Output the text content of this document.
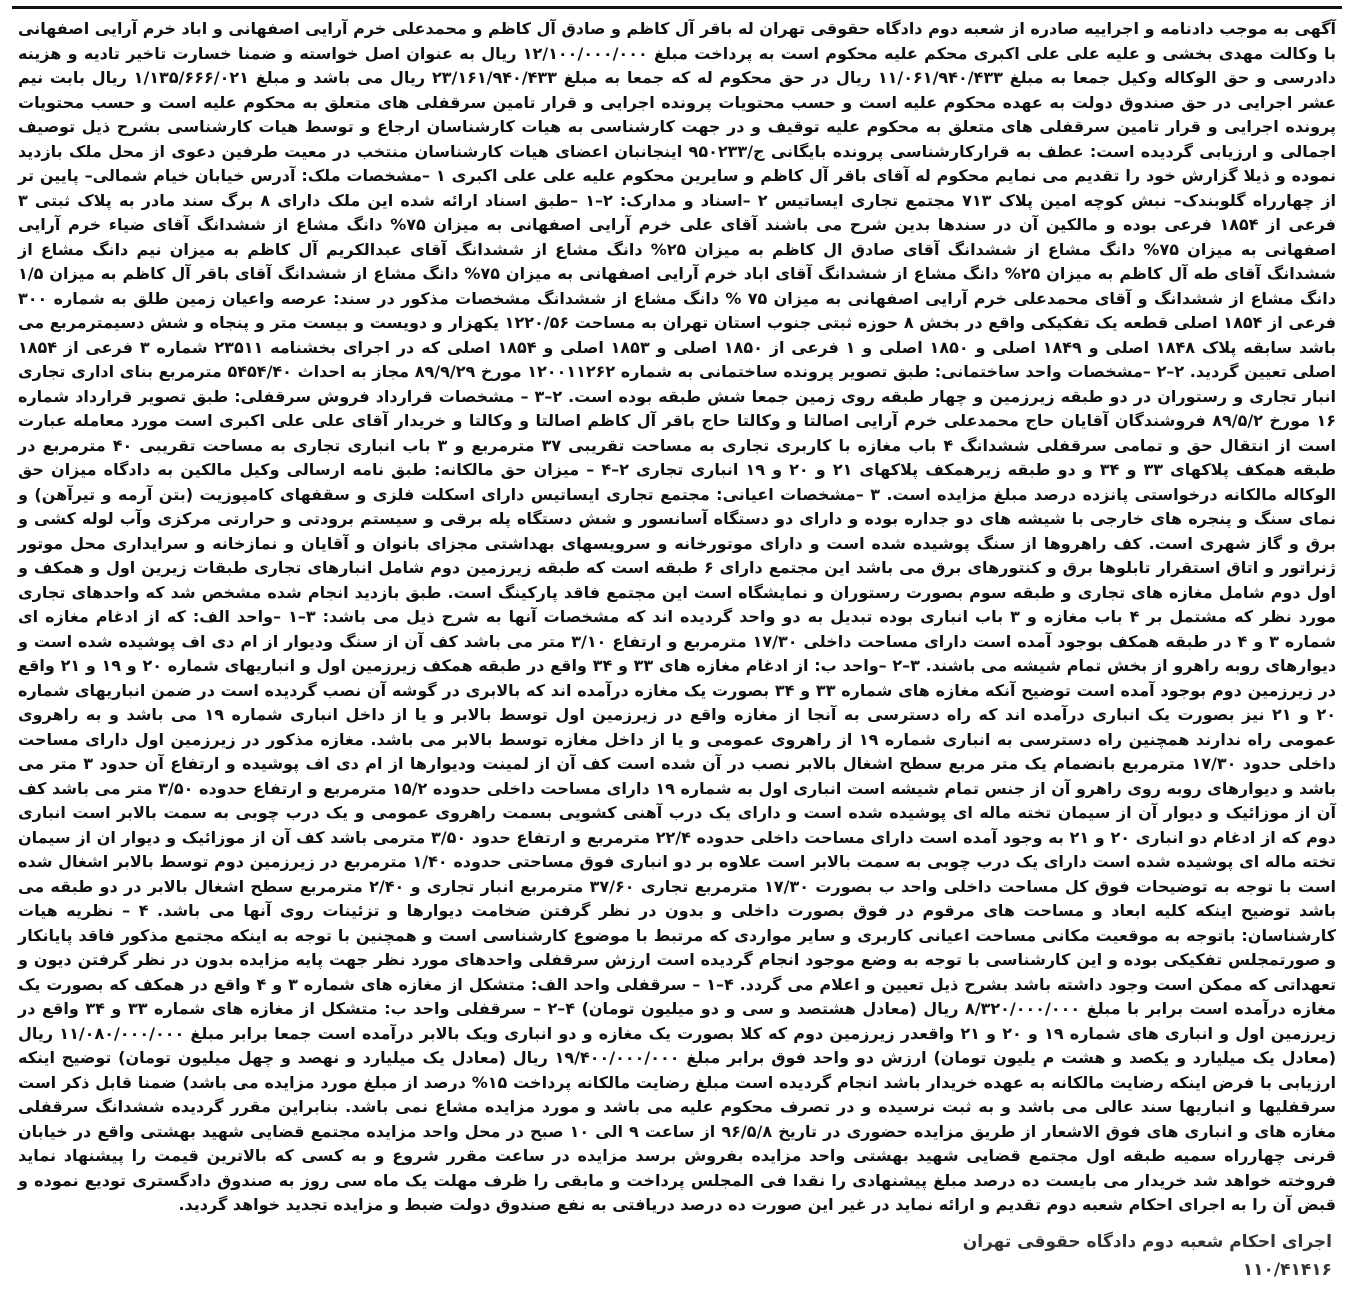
آگهی به موجب دادنامه و اجراییه صادره از شعبه دوم دادگاه حقوقی تهران له باقر آل کاظم و صادق آل کاظم و محمدعلی خرم آرایی اصفهانی و اباد خرم آرایی اصفهانی با وکالت مهدی بخشی و علیه علی علی اکبری محکم علیه محکوم است به پرداخت مبلغ ۱۲/۱۰۰/۰۰۰/۰۰۰ ریال به عنوان اصل خواسته و ضمنا خسارت تاخیر تادیه و هزینه دادرسی و حق الوکاله وکیل جمعا به مبلغ ۱۱/۰۶۱/۹۴۰/۴۳۳ ریال در حق محکوم له که جمعا به مبلغ ۲۳/۱۶۱/۹۴۰/۴۳۳ ریال می باشد و مبلغ ۱/۱۳۵/۶۶۶/۰۲۱ ریال بابت نیم عشر اجرایی در حق صندوق دولت به عهده محکوم علیه است و حسب محتویات پرونده اجرایی و قرار تامین سرقفلی های متعلق به محکوم علیه است و حسب محتویات پرونده اجرایی و قرار تامین سرقفلی های متعلق به محکوم علیه توقیف و در جهت کارشناسی به هیات کارشناسان ارجاع و توسط هیات کارشناسی بشرح ذیل توصیف اجمالی و ارزیابی گردیده است: عطف به قرارکارشناسی پرونده بایگانی ج/۹۵۰۲۳۳ اینجانبان اعضای هیات کارشناسان منتخب در معیت طرفین دعوی از محل ملک بازدید نموده و ذیلا گزارش خود را تقدیم می نمایم محکوم له آقای باقر آل کاظم و سایرین محکوم علیه علی علی اکبری ۱ –مشخصات ملک: آدرس خیابان خیام شمالی– پایین تر از چهارراه گلوبندک– نبش کوچه امین پلاک ۷۱۳ مجتمع تجاری ایساتیس ۲ –اسناد و مدارک: ۲–۱ –طبق اسناد ارائه شده این ملک دارای ۸ برگ سند مادر به پلاک ثبتی ۳ فرعی از ۱۸۵۴ فرعی بوده و مالکین آن در سندها بدین شرح می باشند آقای علی خرم آرایی اصفهانی به میزان ۷۵% دانگ مشاع از ششدانگ آقای ضیاء خرم آرایی اصفهانی به میزان ۷۵% دانگ مشاع از ششدانگ آقای صادق ال کاظم به میزان ۲۵% دانگ مشاع از ششدانگ آقای عبدالکریم آل کاظم به میزان نیم دانگ مشاع از ششدانگ آقای طه آل کاظم به میزان ۲۵% دانگ مشاع از ششدانگ آقای اباد خرم آرایی اصفهانی به میزان ۷۵% دانگ مشاع از ششدانگ آقای باقر آل کاظم به میزان ۱/۵ دانگ مشاع از ششدانگ و آقای محمدعلی خرم آرایی اصفهانی به میزان ۷۵ % دانگ مشاع از ششدانگ مشخصات مذکور در سند: عرصه واعیان زمین طلق به شماره ۳۰۰ فرعی از ۱۸۵۴ اصلی قطعه یک تفکیکی واقع در بخش ۸ حوزه ثبتی جنوب استان تهران به مساحت ۱۲۲۰/۵۶ یکهزار و دویست و بیست متر و پنجاه و شش دسیمترمربع می باشد سابقه پلاک ۱۸۴۸ اصلی و ۱۸۴۹ اصلی و ۱۸۵۰ اصلی و ۱ فرعی از ۱۸۵۰ اصلی و ۱۸۵۳ اصلی و ۱۸۵۴ اصلی که در اجرای بخشنامه ۲۳۵۱۱ شماره ۳ فرعی از ۱۸۵۴ اصلی تعیین گردید. ۲–۲ –مشخصات واحد ساختمانی: طبق تصویر پرونده ساختمانی به شماره ۱۲۰۰۱۱۲۶۲ مورخ ۸۹/۹/۲۹ مجاز به احداث ۵۴۵۴/۴۰ مترمربع بنای اداری تجاری انبار تجاری و رستوران در دو طبقه زیرزمین و چهار طبقه روی زمین جمعا شش طبقه بوده است. ۲–۳ – مشخصات قرارداد فروش سرقفلی: طبق تصویر قرارداد شماره ۱۶ مورخ ۸۹/۵/۲ فروشندگان آقایان حاج محمدعلی خرم آرایی اصالتا و وکالتا حاج باقر آل کاظم اصالتا و وکالتا و خریدار آقای علی علی اکبری است مورد معامله عبارت است از انتقال حق و تمامی سرقفلی ششدانگ ۴ باب مغازه با کاربری تجاری به مساحت تقریبی ۳۷ مترمربع و ۳ باب انباری تجاری به مساحت تقریبی ۴۰ مترمربع در طبقه همکف پلاکهای ۳۳ و ۳۴ و دو طبقه زیرهمکف پلاکهای ۲۱ و ۲۰ و ۱۹ انباری تجاری ۲–۴ – میزان حق مالکانه: طبق نامه ارسالی وکیل مالکین به دادگاه میزان حق الوکاله مالکانه درخواستی پانزده درصد مبلغ مزایده است. ۳ –مشخصات اعیانی: مجتمع تجاری ایساتیس دارای اسکلت فلزی و سقفهای کامپوزیت (بتن آرمه و تیرآهن) و نمای سنگ و پنجره های خارجی با شیشه های دو جداره بوده و دارای دو دستگاه آسانسور و شش دستگاه پله برقی و سیستم برودتی و حرارتی مرکزی وآب لوله کشی و برق و گاز شهری است. کف راهروها از سنگ پوشیده شده است و دارای موتورخانه و سرویسهای بهداشتی مجزای بانوان و آقایان و نمازخانه و سرایداری محل موتور ژنراتور و اتاق استقرار تابلوها برق و کنتورهای برق می باشد این مجتمع دارای ۶ طبقه است که طبقه زیرزمین دوم شامل انبارهای تجاری طبقات زیرین اول و همکف و اول دوم شامل مغازه های تجاری و طبقه سوم بصورت رستوران و نمایشگاه است این مجتمع فاقد پارکینگ است. طبق بازدید انجام شده مشخص شد که واحدهای تجاری مورد نظر که مشتمل بر ۴ باب مغازه و ۳ باب انباری بوده تبدیل به دو واحد گردیده اند که مشخصات آنها به شرح ذیل می باشد: ۳–۱ –واحد الف: که از ادغام مغازه ای شماره ۳ و ۴ در طبقه همکف بوجود آمده است دارای مساحت داخلی ۱۷/۳۰ مترمربع و ارتفاع ۳/۱۰ متر می باشد کف آن از سنگ ودیوار از ام دی اف پوشیده شده است و دیوارهای روبه راهرو از بخش تمام شیشه می باشند. ۳–۲ –واحد ب: از ادغام مغازه های ۳۳ و ۳۴ واقع در طبقه همکف زیرزمین اول و انباریهای شماره ۲۰ و ۱۹ و ۲۱ واقع در زیرزمین دوم بوجود آمده است توضیح آنکه مغازه های شماره ۳۳ و ۳۴ بصورت یک مغازه درآمده اند که بالابری در گوشه آن نصب گردیده است در ضمن انباریهای شماره ۲۰ و ۲۱ نیز بصورت یک انباری درآمده اند که راه دسترسی به آنجا از مغازه واقع در زیرزمین اول توسط بالابر و یا از داخل انباری شماره ۱۹ می باشد و به راهروی عمومی راه ندارند همچنین راه دسترسی به انباری شماره ۱۹ از راهروی عمومی و یا از داخل مغازه توسط بالابر می باشد. مغازه مذکور در زیرزمین اول دارای مساحت داخلی حدود ۱۷/۳۰ مترمربع بانضمام یک متر مربع سطح اشغال بالابر نصب در آن شده است کف آن از لمینت ودیوارها از ام دی اف پوشیده و ارتفاع آن حدود ۳ متر می باشد و دیوارهای روبه روی راهرو آن از جنس تمام شیشه است انباری اول به شماره ۱۹ دارای مساحت داخلی حدوده ۱۵/۲ مترمربع و ارتفاع حدوده ۳/۵۰ متر می باشد کف آن از موزائیک و دیوار آن از سیمان تخته ماله ای پوشیده شده است و دارای یک درب آهنی کشویی بسمت راهروی عمومی و یک درب چوبی به سمت بالابر است انباری دوم که از ادغام دو انباری ۲۰ و ۲۱ به وجود آمده است دارای مساحت داخلی حدوده ۲۲/۴ مترمربع و ارتفاع حدود ۳/۵۰ مترمی باشد کف آن از موزائیک و دیوار ان از سیمان تخته ماله ای پوشیده شده است دارای یک درب چوبی به سمت بالابر است علاوه بر دو انباری فوق مساحتی حدوده ۱/۴۰ مترمربع در زیرزمین دوم توسط بالابر اشغال شده است با توجه به توضیحات فوق کل مساحت داخلی واحد ب بصورت ۱۷/۳۰ مترمربع تجاری ۳۷/۶۰ مترمربع انبار تجاری و ۲/۴۰ مترمربع سطح اشغال بالابر در دو طبقه می باشد توضیح اینکه کلیه ابعاد و مساحت های مرقوم در فوق بصورت داخلی و بدون در نظر گرفتن ضخامت دیوارها و تزئینات روی آنها می باشد. ۴ – نظریه هیات کارشناسان: باتوجه به موقعیت مکانی مساحت اعیانی کاربری و سایر مواردی که مرتبط با موضوع کارشناسی است و همچنین با توجه به اینکه مجتمع مذکور فاقد پایانکار و صورتمجلس تفکیکی بوده و این کارشناسی با توجه به وضع موجود انجام گردیده است ارزش سرقفلی واحدهای مورد نظر جهت پایه مزایده بدون در نظر گرفتن دیون و تعهداتی که ممکن است وجود داشته باشد بشرح ذیل تعیین و اعلام می گردد. ۴–۱ – سرقفلی واحد الف: متشکل از مغازه های شماره ۳ و ۴ واقع در همکف که بصورت یک مغازه درآمده است برابر با مبلغ ۸/۳۲۰/۰۰۰/۰۰۰ ریال (معادل هشتصد و سی و دو میلیون تومان) ۴–۲ – سرقفلی واحد ب: متشکل از مغازه های شماره ۳۳ و ۳۴ واقع در زیرزمین اول و انباری های شماره ۱۹ و ۲۰ و ۲۱ واقعدر زیرزمین دوم که کلا بصورت یک مغازه و دو انباری ویک بالابر درآمده است جمعا برابر مبلغ ۱۱/۰۸۰/۰۰۰/۰۰۰ ریال (معادل یک میلیارد و یکصد و هشت م یلیون تومان) ارزش دو واحد فوق برابر مبلغ ۱۹/۴۰۰/۰۰۰/۰۰۰ ریال (معادل یک میلیارد و نهصد و چهل میلیون تومان) توضیح اینکه ارزیابی با فرض اینکه رضایت مالکانه به عهده خریدار باشد انجام گردیده است مبلغ رضایت مالکانه پرداخت ۱۵% درصد از مبلغ مورد مزایده می باشد) ضمنا قابل ذکر است سرقفلیها و انباریها سند عالی می باشد و به ثبت نرسیده و در تصرف محکوم علیه می باشد و مورد مزایده مشاع نمی باشد. بنابراین مقرر گردیده ششدانگ سرقفلی مغازه های و انباری های فوق الاشعار از طریق مزایده حضوری در تاریخ ۹۶/۵/۸ از ساعت ۹ الی ۱۰ صبح در محل واحد مزایده مجتمع قضایی شهید بهشتی واقع در خیابان قرنی چهارراه سمیه طبقه اول مجتمع قضایی شهید بهشتی واحد مزایده بفروش برسد مزایده در ساعت مقرر شروع و به کسی که بالاترین قیمت را پیشنهاد نماید فروخته خواهد شد خریدار می بایست ده درصد مبلغ پیشنهادی را نقدا فی المجلس پرداخت و مابقی را ظرف مهلت یک ماه سی روز به صندوق دادگستری تودیع نموده و قبض آن را به اجرای احکام شعبه دوم تقدیم و ارائه نماید در غیر این صورت ده درصد دریافتی به نفع صندوق دولت ضبط و مزایده تجدید خواهد گردید.

اجرای احکام شعبه دوم دادگاه حقوقی تهران
۱۱۰/۴۱۴۱۶
